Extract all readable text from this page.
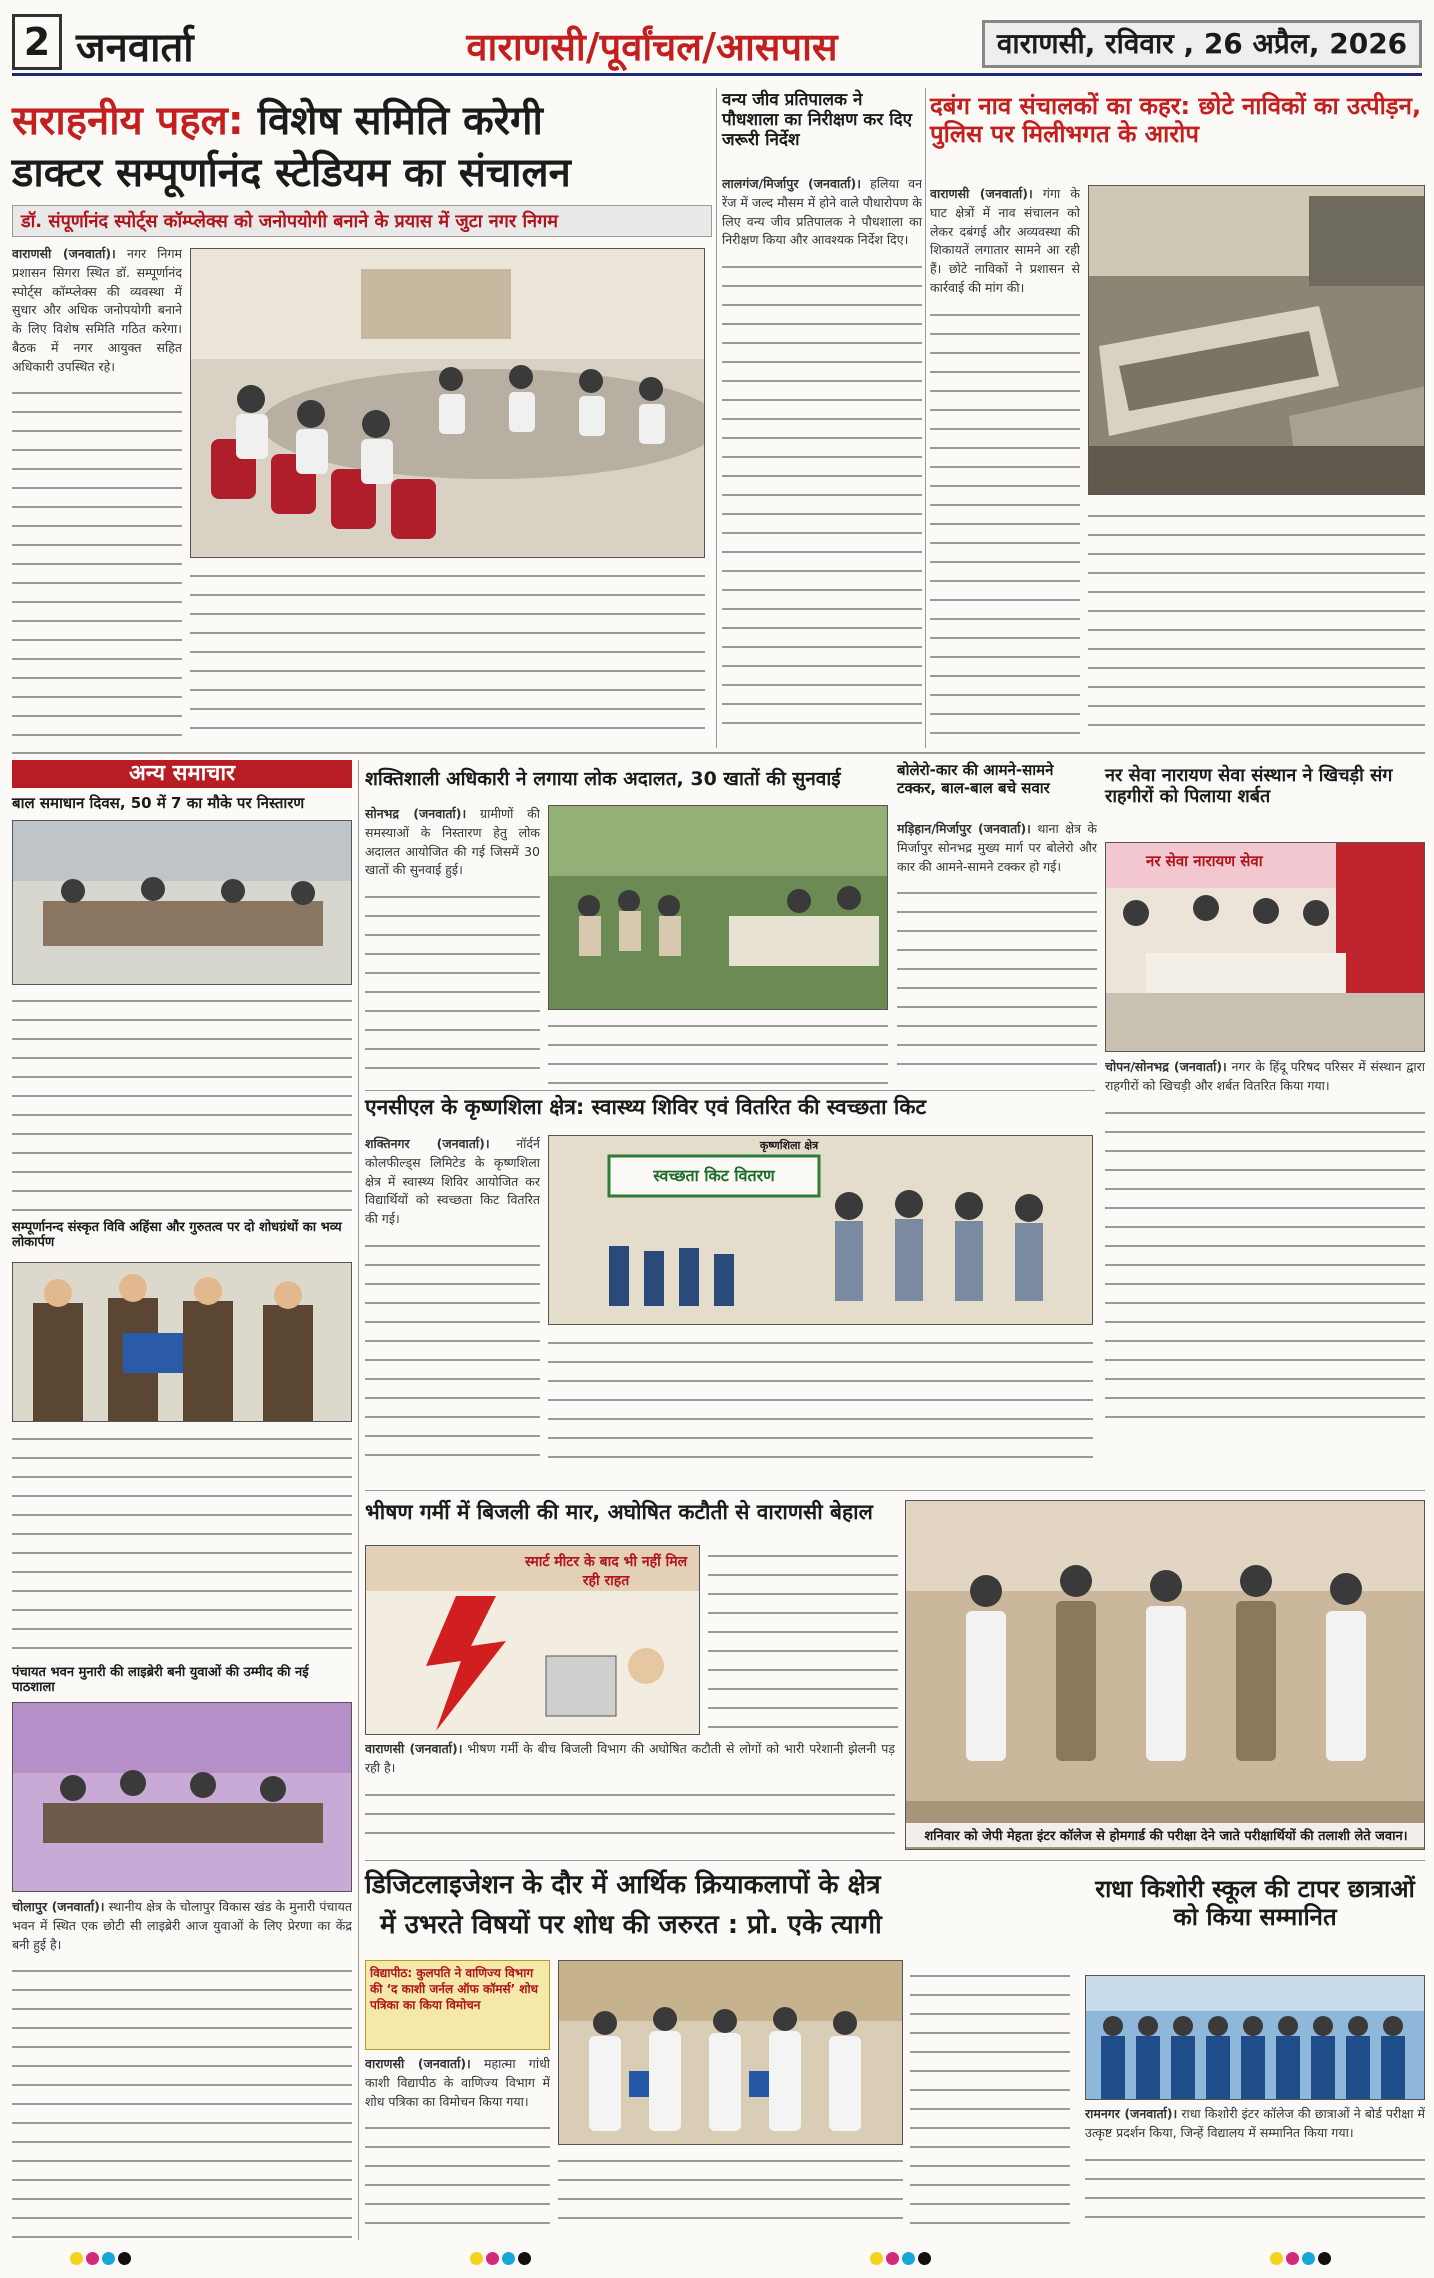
2 जनवार्ता	वाराणसी/पूर्वांचल/आसपास	वाराणसी, रविवार , 26 अप्रैल, 2026
सराहनीय पहल: विशेष समिति करेगी
डाक्टर सम्पूर्णानंद स्टेडियम का संचालन
डॉ. संपूर्णानंद स्पोर्ट्स कॉम्प्लेक्स को जनोपयोगी बनाने के प्रयास में जुटा नगर निगम

वाराणसी (जनवार्ता)। नगर निगम प्रशासन सिगरा स्थित डॉ. सम्पूर्णानंद स्पोर्ट्स कॉम्प्लेक्स की व्यवस्था में सुधार और अधिक जनोपयोगी बनाने के लिए विशेष समिति गठित करेगा। बैठक में नगर आयुक्त सहित अधिकारी उपस्थित रहे।

वन्य जीव प्रतिपालक ने पौधशाला का निरीक्षण कर दिए जरूरी निर्देश

लालगंज/मिर्जापुर (जनवार्ता)। हलिया वन रेंज में जल्द मौसम में होने वाले पौधारोपण के लिए वन्य जीव प्रतिपालक ने पौधशाला का निरीक्षण किया और आवश्यक निर्देश दिए।

दबंग नाव संचालकों का कहर: छोटे नाविकों का उत्पीड़न, पुलिस पर मिलीभगत के आरोप

वाराणसी (जनवार्ता)। गंगा के घाट क्षेत्रों में नाव संचालन को लेकर दबंगई और अव्यवस्था की शिकायतें लगातार सामने आ रही हैं। छोटे नाविकों ने प्रशासन से कार्रवाई की मांग की।

अन्य समाचार
बाल समाधान दिवस, 50 में 7 का मौके पर निस्तारण
सम्पूर्णानन्द संस्कृत विवि अहिंसा और गुरुतत्व पर दो शोधग्रंथों का भव्य लोकार्पण
पंचायत भवन मुनारी की लाइब्रेरी बनी युवाओं की उम्मीद की नई पाठशाला

चोलापुर (जनवार्ता)। स्थानीय क्षेत्र के चोलापुर विकास खंड के मुनारी पंचायत भवन में स्थित एक छोटी सी लाइब्रेरी आज युवाओं के लिए प्रेरणा का केंद्र बनी हुई है।

शक्तिशाली अधिकारी ने लगाया लोक अदालत, 30 खातों की सुनवाई

सोनभद्र (जनवार्ता)। ग्रामीणों की समस्याओं के निस्तारण हेतु लोक अदालत आयोजित की गई जिसमें 30 खातों की सुनवाई हुई।

बोलेरो-कार की आमने-सामने टक्कर, बाल-बाल बचे सवार

मड़िहान/मिर्जापुर (जनवार्ता)। थाना क्षेत्र के मिर्जापुर सोनभद्र मुख्य मार्ग पर बोलेरो और कार की आमने-सामने टक्कर हो गई।

नर सेवा नारायण सेवा संस्थान ने खिचड़ी संग राहगीरों को पिलाया शर्बत
नर सेवा नारायण सेवा

चोपन/सोनभद्र (जनवार्ता)। नगर के हिंदू परिषद परिसर में संस्थान द्वारा राहगीरों को खिचड़ी और शर्बत वितरित किया गया।

एनसीएल के कृष्णशिला क्षेत्र: स्वास्थ्य शिविर एवं वितरित की स्वच्छता किट

शक्तिनगर (जनवार्ता)। नॉर्दर्न कोलफील्ड्स लिमिटेड के कृष्णशिला क्षेत्र में स्वास्थ्य शिविर आयोजित कर विद्यार्थियों को स्वच्छता किट वितरित की गई।

कृष्णशिला क्षेत्र
स्वच्छता किट वितरण
भीषण गर्मी में बिजली की मार, अघोषित कटौती से वाराणसी बेहाल
स्मार्ट मीटर के बाद भी नहीं मिल रही राहत

वाराणसी (जनवार्ता)। भीषण गर्मी के बीच बिजली विभाग की अघोषित कटौती से लोगों को भारी परेशानी झेलनी पड़ रही है।

शनिवार को जेपी मेहता इंटर कॉलेज से होमगार्ड की परीक्षा देने जाते परीक्षार्थियों की तलाशी लेते जवान।
डिजिटलाइजेशन के दौर में आर्थिक क्रियाकलापों के क्षेत्र
में उभरते विषयों पर शोध की जरुरत : प्रो. एके त्यागी
विद्यापीठ: कुलपति ने वाणिज्य विभाग की ‘द काशी जर्नल ऑफ कॉमर्स’ शोध पत्रिका का किया विमोचन

वाराणसी (जनवार्ता)। महात्मा गांधी काशी विद्यापीठ के वाणिज्य विभाग में शोध पत्रिका का विमोचन किया गया।

राधा किशोरी स्कूल की टापर छात्राओं को किया सम्मानित

रामनगर (जनवार्ता)। राधा किशोरी इंटर कॉलेज की छात्राओं ने बोर्ड परीक्षा में उत्कृष्ट प्रदर्शन किया, जिन्हें विद्यालय में सम्मानित किया गया।
